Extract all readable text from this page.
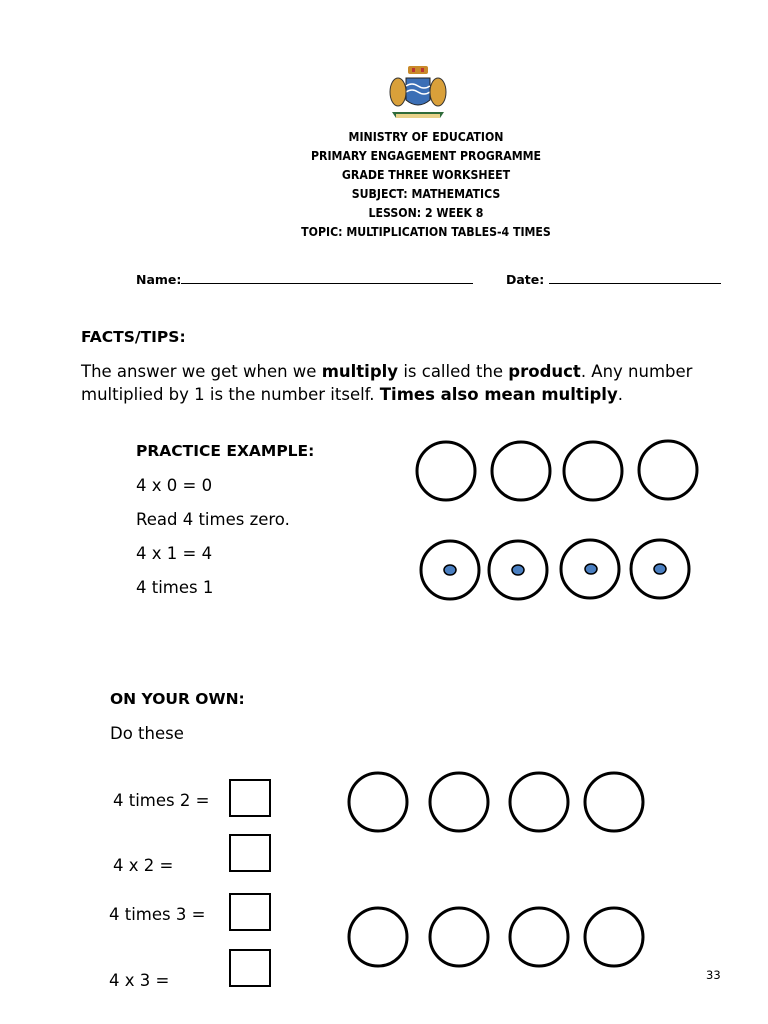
MINISTRY OF EDUCATION
PRIMARY ENGAGEMENT PROGRAMME
GRADE THREE WORKSHEET
SUBJECT: MATHEMATICS
LESSON: 2 WEEK 8
TOPIC: MULTIPLICATION TABLES-4 TIMES
Name:	Date:
FACTS/TIPS:
The answer we get when we multiply is called the product. Any number multiplied by 1 is the number itself. Times also mean multiply.
PRACTICE EXAMPLE:
4 x 0 = 0
Read 4 times zero.
4 x 1 = 4
4 times 1
ON YOUR OWN:
Do these
4 times 2 =
4 x 2 =
4 times 3 =
4 x 3 =	33
